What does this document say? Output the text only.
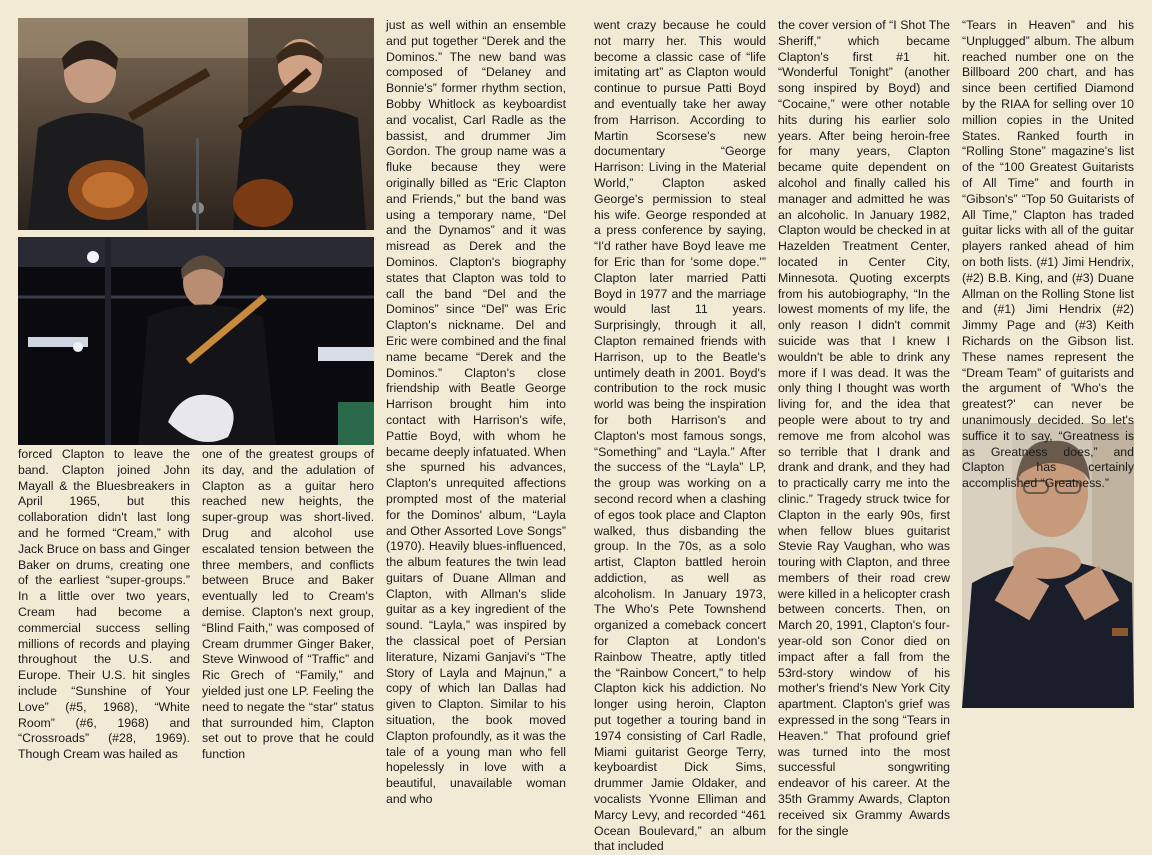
forced Clapton to leave the band. Clapton joined John Mayall & the Bluesbreakers in April 1965, but this collaboration didn't last long and he formed “Cream,” with Jack Bruce on bass and Ginger Baker on drums, creating one of the earliest “super-groups.” In a little over two years, Cream had become a commercial success selling millions of records and playing throughout the U.S. and Europe. Their U.S. hit singles include “Sunshine of Your Love” (#5, 1968), “White Room” (#6, 1968) and “Crossroads” (#28, 1969). Though Cream was hailed as

one of the greatest groups of its day, and the adulation of Clapton as a guitar hero reached new heights, the super-group was short-lived. Drug and alcohol use escalated tension between the three members, and conflicts between Bruce and Baker eventually led to Cream's demise. Clapton's next group, “Blind Faith,” was composed of Cream drummer Ginger Baker, Steve Winwood of “Traffic” and Ric Grech of “Family,” and yielded just one LP. Feeling the need to negate the “star” status that surrounded him, Clapton set out to prove that he could function

just as well within an ensemble and put together “Derek and the Dominos.” The new band was composed of “Delaney and Bonnie's” former rhythm section, Bobby Whitlock as keyboardist and vocalist, Carl Radle as the bassist, and drummer Jim Gordon. The group name was a fluke because they were originally billed as “Eric Clapton and Friends,” but the band was using a temporary name, “Del and the Dynamos” and it was misread as Derek and the Dominos. Clapton's biography states that Clapton was told to call the band “Del and the Dominos” since “Del” was Eric Clapton's nickname. Del and Eric were combined and the final name became “Derek and the Dominos.” Clapton's close friendship with Beatle George Harrison brought him into contact with Harrison's wife, Pattie Boyd, with whom he became deeply infatuated. When she spurned his advances, Clapton's unrequited affections prompted most of the material for the Dominos' album, “Layla and Other Assorted Love Songs” (1970). Heavily blues-influenced, the album features the twin lead guitars of Duane Allman and Clapton, with Allman's slide guitar as a key ingredient of the sound. “Layla,” was inspired by the classical poet of Persian literature, Nizami Ganjavi's “The Story of Layla and Majnun,” a copy of which Ian Dallas had given to Clapton. Similar to his situation, the book moved Clapton profoundly, as it was the tale of a young man who fell hopelessly in love with a beautiful, unavailable woman and who

went crazy because he could not marry her. This would become a classic case of “life imitating art” as Clapton would continue to pursue Patti Boyd and eventually take her away from Harrison. According to Martin Scorsese's new documentary “George Harrison: Living in the Material World,” Clapton asked George's permission to steal his wife. George responded at a press conference by saying, “I'd rather have Boyd leave me for Eric than for 'some dope.'” Clapton later married Patti Boyd in 1977 and the marriage would last 11 years. Surprisingly, through it all, Clapton remained friends with Harrison, up to the Beatle's untimely death in 2001. Boyd's contribution to the rock music world was being the inspiration for both Harrison's and Clapton's most famous songs, “Something” and “Layla.” After the success of the “Layla” LP, the group was working on a second record when a clashing of egos took place and Clapton walked, thus disbanding the group. In the 70s, as a solo artist, Clapton battled heroin addiction, as well as alcoholism. In January 1973, The Who's Pete Townshend organized a comeback concert for Clapton at London's Rainbow Theatre, aptly titled the “Rainbow Concert,” to help Clapton kick his addiction. No longer using heroin, Clapton put together a touring band in 1974 consisting of Carl Radle, Miami guitarist George Terry, keyboardist Dick Sims, drummer Jamie Oldaker, and vocalists Yvonne Elliman and Marcy Levy, and recorded “461 Ocean Boulevard,” an album that included

the cover version of “I Shot The Sheriff,” which became Clapton's first #1 hit. “Wonderful Tonight” (another song inspired by Boyd) and “Cocaine,” were other notable hits during his earlier solo years. After being heroin-free for many years, Clapton became quite dependent on alcohol and finally called his manager and admitted he was an alcoholic. In January 1982, Clapton would be checked in at Hazelden Treatment Center, located in Center City, Minnesota. Quoting excerpts from his autobiography, “In the lowest moments of my life, the only reason I didn't commit suicide was that I knew I wouldn't be able to drink any more if I was dead. It was the only thing I thought was worth living for, and the idea that people were about to try and remove me from alcohol was so terrible that I drank and drank and drank, and they had to practically carry me into the clinic.” Tragedy struck twice for Clapton in the early 90s, first when fellow blues guitarist Stevie Ray Vaughan, who was touring with Clapton, and three members of their road crew were killed in a helicopter crash between concerts. Then, on March 20, 1991, Clapton's four-year-old son Conor died on impact after a fall from the 53rd-story window of his mother's friend's New York City apartment. Clapton's grief was expressed in the song “Tears in Heaven.” That profound grief was turned into the most successful songwriting endeavor of his career. At the 35th Grammy Awards, Clapton received six Grammy Awards for the single

“Tears in Heaven” and his “Unplugged” album. The album reached number one on the Billboard 200 chart, and has since been certified Diamond by the RIAA for selling over 10 million copies in the United States. Ranked fourth in “Rolling Stone” magazine's list of the “100 Greatest Guitarists of All Time” and fourth in “Gibson's” “Top 50 Guitarists of All Time,” Clapton has traded guitar licks with all of the guitar players ranked ahead of him on both lists. (#1) Jimi Hendrix, (#2) B.B. King, and (#3) Duane Allman on the Rolling Stone list and (#1) Jimi Hendrix (#2) Jimmy Page and (#3) Keith Richards on the Gibson list. These names represent the “Dream Team” of guitarists and the argument of 'Who's the greatest?' can never be unanimously decided. So let's suffice it to say, “Greatness is as Greatness does,” and Clapton has certainly accomplished “Greatness.”
